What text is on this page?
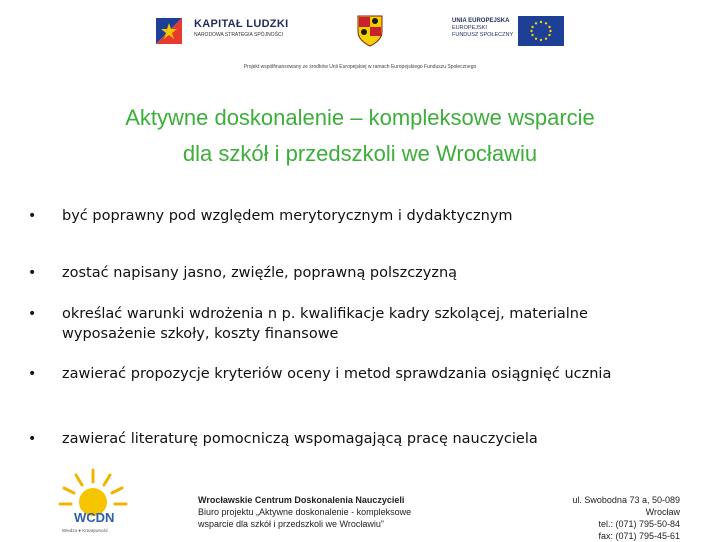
KAPITAŁ LUDZKI
NARODOWA STRATEGIA SPÓJNOŚCI
UNIA EUROPEJSKA
EUROPEJSKI
FUNDUSZ SPOŁECZNY
Projekt współfinansowany ze środków Unii Europejskiej w ramach Europejskiego Funduszu Społecznego
Aktywne doskonalenie – kompleksowe wsparcie
dla szkół i przedszkoli we Wrocławiu
•	być poprawny pod względem merytorycznym i dydaktycznym
•	zostać napisany jasno, zwięźle, poprawną polszczyzną
•	określać warunki wdrożenia n p. kwalifikacje kadry szkolącej, materialne wyposażenie szkoły, koszty finansowe
•	zawierać propozycje kryteriów oceny i metod sprawdzania osiągnięć ucznia
•	zawierać literaturę pomocniczą wspomagającą pracę nauczyciela
WCDN
Wiedza ● Kreatywność
Wrocławskie Centrum Doskonalenia Nauczycieli
Biuro projektu „Aktywne doskonalenie - kompleksowe
wsparcie dla szkół i przedszkoli we Wrocławiu”
ul. Swobodna 73 a, 50-089 Wrocław
tel.: (071) 795-50-84
fax: (071) 795-45-61
